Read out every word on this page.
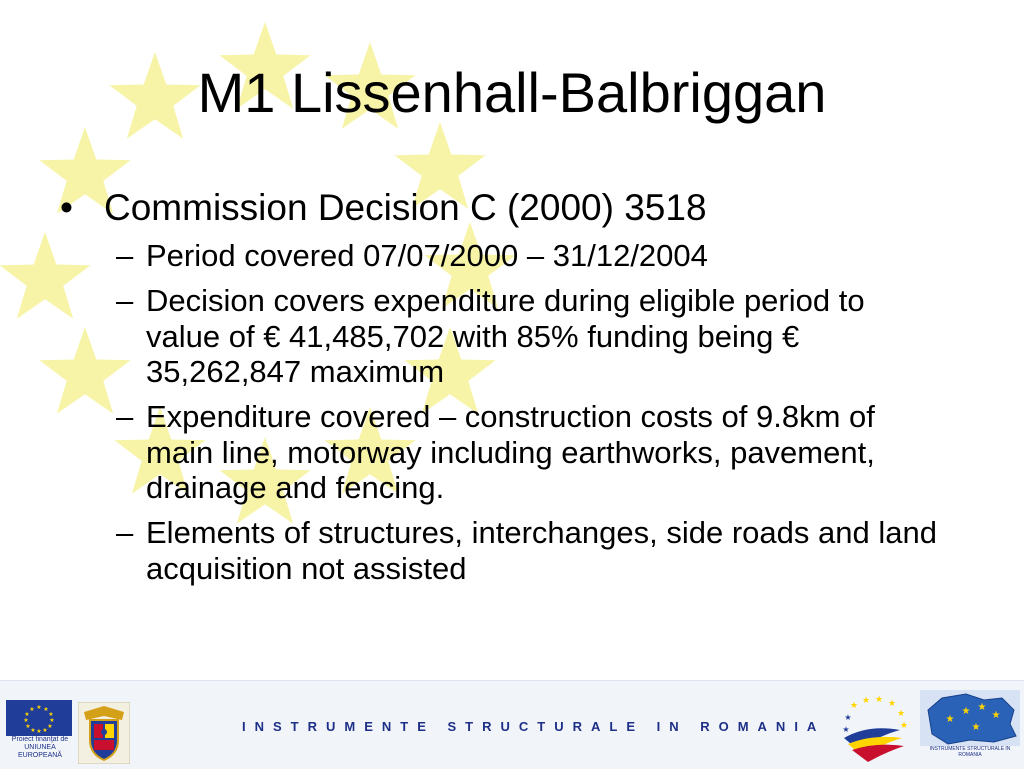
M1 Lissenhall-Balbriggan
• Commission Decision C (2000) 3518
– Period covered 07/07/2000 – 31/12/2004
– Decision covers expenditure during eligible period to value of € 41,485,702 with 85% funding being € 35,262,847 maximum
– Expenditure covered – construction costs of 9.8km of main line, motorway including earthworks, pavement, drainage and fencing.
– Elements of structures, interchanges, side roads and land acquisition not assisted
INSTRUMENTE STRUCTURALE IN ROMANIA
★ ★
★
★
★
★
★
★
★
★
★
★
Proiect finanţat de UNIUNEA EUROPEANĂ
★ ★ ★ ★
★
★
★
★
★
★ ★
★
★
INSTRUMENTE STRUCTURALE IN ROMANIA
